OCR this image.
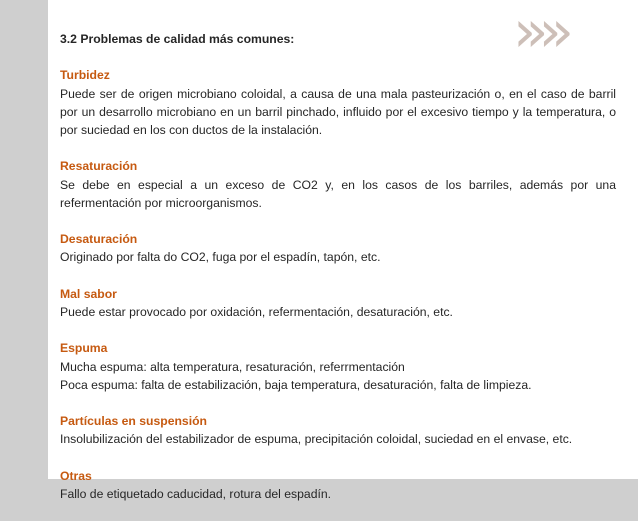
»»

3.2 Problemas de calidad más comunes:

Turbidez

Puede ser de origen microbiano coloidal, a causa de una mala pasteurización o, en el caso de barril por un desarrollo microbiano en un barril pinchado, influido por el excesivo tiempo y la temperatura, o por suciedad en los con ductos de la instalación.

Resaturación

Se debe en especial a un exceso de CO2 y, en los casos de los barriles, además por una refermentación por microorganismos.

Desaturación

Originado por falta do CO2, fuga por el espadín, tapón, etc.

Mal sabor

Puede estar provocado por oxidación, refermentación, desaturación, etc.

Espuma

Mucha espuma: alta temperatura, resaturación, referrmentación

Poca espuma: falta de estabilización, baja temperatura, desaturación, falta de limpieza.

Partículas en suspensión

Insolubilización del estabilizador de espuma, precipitación coloidal, suciedad en el envase, etc.

Otras

Fallo de etiquetado caducidad, rotura del espadín.
